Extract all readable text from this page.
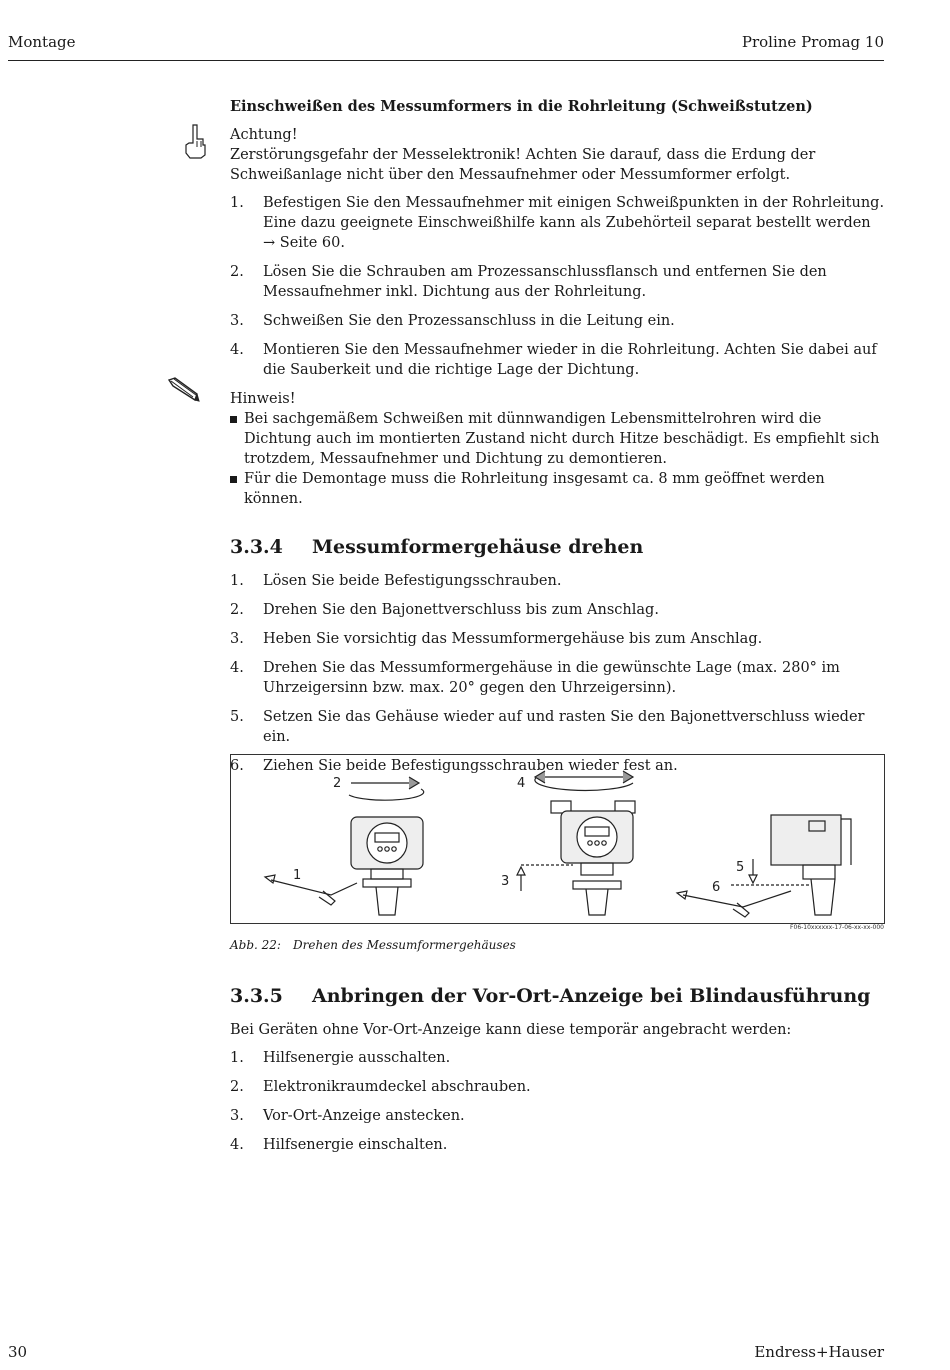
Montage	Proline Promag 10
Einschweißen des Messumformers in die Rohrleitung (Schweißstutzen)
Achtung!
Zerstörungsgefahr der Messelektronik! Achten Sie darauf, dass die Erdung der Schweißanlage nicht über den Messaufnehmer oder Messumformer erfolgt.
1.	Befestigen Sie den Messaufnehmer mit einigen Schweißpunkten in der Rohrleitung. Eine dazu geeignete Einschweißhilfe kann als Zubehörteil separat bestellt werden → Seite 60.
2.	Lösen Sie die Schrauben am Prozessanschlussflansch und entfernen Sie den Messaufnehmer inkl. Dichtung aus der Rohrleitung.
3.	Schweißen Sie den Prozessanschluss in die Leitung ein.
4.	Montieren Sie den Messaufnehmer wieder in die Rohrleitung. Achten Sie dabei auf die Sauberkeit und die richtige Lage der Dichtung.
Hinweis!
Bei sachgemäßem Schweißen mit dünnwandigen Lebensmittelrohren wird die Dichtung auch im montierten Zustand nicht durch Hitze beschädigt. Es empfiehlt sich trotzdem, Messaufnehmer und Dichtung zu demontieren.
Für die Demontage muss die Rohrleitung insgesamt ca. 8 mm geöffnet werden können.
3.3.4	Messumformergehäuse drehen
1.	Lösen Sie beide Befestigungsschrauben.
2.	Drehen Sie den Bajonettverschluss bis zum Anschlag.
3.	Heben Sie vorsichtig das Messumformergehäuse bis zum Anschlag.
4.	Drehen Sie das Messumformergehäuse in die gewünschte Lage (max. 280° im Uhrzeigersinn bzw. max. 20° gegen den Uhrzeigersinn).
5.	Setzen Sie das Gehäuse wieder auf und rasten Sie den Bajonettverschluss wieder ein.
6.	Ziehen Sie beide Befestigungsschrauben wieder fest an.
1
2
3
4
5
6
F06-10xxxxxx-17-06-xx-xx-000
Abb. 22:	Drehen des Messumformergehäuses
3.3.5	Anbringen der Vor-Ort-Anzeige bei Blindausführung
Bei Geräten ohne Vor-Ort-Anzeige kann diese temporär angebracht werden:
1.	Hilfsenergie ausschalten.
2.	Elektronikraumdeckel abschrauben.
3.	Vor-Ort-Anzeige anstecken.
4.	Hilfsenergie einschalten.
30	Endress+Hauser
